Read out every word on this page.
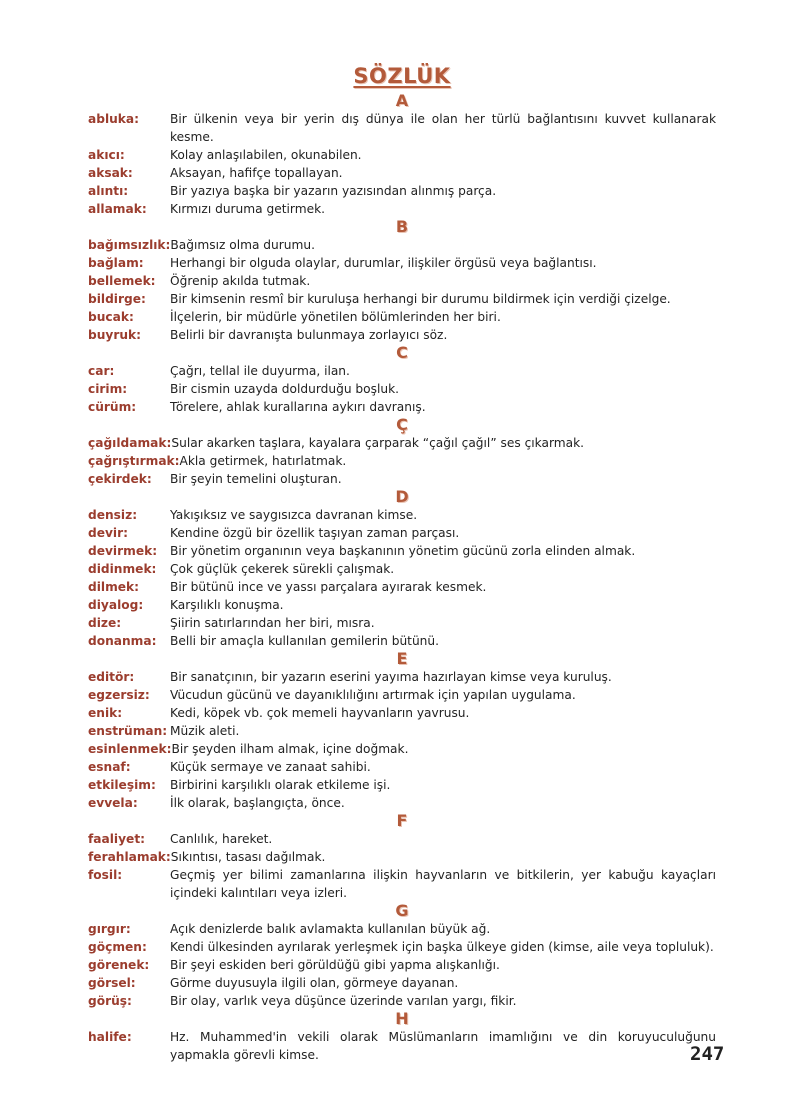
SÖZLÜK
A
abluka:	Bir ülkenin veya bir yerin dış dünya ile olan her türlü bağlantısını kuvvet kullanarak kesme.
akıcı:	Kolay anlaşılabilen, okunabilen.
aksak:	Aksayan, hafifçe topallayan.
alıntı:	Bir yazıya başka bir yazarın yazısından alınmış parça.
allamak:	Kırmızı duruma getirmek.
B
bağımsızlık: Bağımsız olma durumu.
bağlam:	Herhangi bir olguda olaylar, durumlar, ilişkiler örgüsü veya bağlantısı.
bellemek:	Öğrenip akılda tutmak.
bildirge:	Bir kimsenin resmî bir kuruluşa herhangi bir durumu bildirmek için verdiği çizelge.
bucak:	İlçelerin, bir müdürle yönetilen bölümlerinden her biri.
buyruk:	Belirli bir davranışta bulunmaya zorlayıcı söz.
C
car:	Çağrı, tellal ile duyurma, ilan.
cirim:	Bir cismin uzayda doldurduğu boşluk.
cürüm:	Törelere, ahlak kurallarına aykırı davranış.
Ç
çağıldamak: Sular akarken taşlara, kayalara çarparak “çağıl çağıl” ses çıkarmak.
çağrıştırmak: Akla getirmek, hatırlatmak.
çekirdek:	Bir şeyin temelini oluşturan.
D
densiz:	Yakışıksız ve saygısızca davranan kimse.
devir:	Kendine özgü bir özellik taşıyan zaman parçası.
devirmek:	Bir yönetim organının veya başkanının yönetim gücünü zorla elinden almak.
didinmek:	Çok güçlük çekerek sürekli çalışmak.
dilmek:	Bir bütünü ince ve yassı parçalara ayırarak kesmek.
diyalog:	Karşılıklı konuşma.
dize:	Şiirin satırlarından her biri, mısra.
donanma:	Belli bir amaçla kullanılan gemilerin bütünü.
E
editör:	Bir sanatçının, bir yazarın eserini yayıma hazırlayan kimse veya kuruluş.
egzersiz:	Vücudun gücünü ve dayanıklılığını artırmak için yapılan uygulama.
enik:	Kedi, köpek vb. çok memeli hayvanların yavrusu.
enstrüman: Müzik aleti.
esinlenmek: Bir şeyden ilham almak, içine doğmak.
esnaf:	Küçük sermaye ve zanaat sahibi.
etkileşim:	Birbirini karşılıklı olarak etkileme işi.
evvela:	İlk olarak, başlangıçta, önce.
F
faaliyet:	Canlılık, hareket.
ferahlamak: Sıkıntısı, tasası dağılmak.
fosil:	Geçmiş yer bilimi zamanlarına ilişkin hayvanların ve bitkilerin, yer kabuğu kayaçları içindeki kalıntıları veya izleri.
G
gırgır:	Açık denizlerde balık avlamakta kullanılan büyük ağ.
göçmen:	Kendi ülkesinden ayrılarak yerleşmek için başka ülkeye giden (kimse, aile veya topluluk).
görenek:	Bir şeyi eskiden beri görüldüğü gibi yapma alışkanlığı.
görsel:	Görme duyusuyla ilgili olan, görmeye dayanan.
görüş:	Bir olay, varlık veya düşünce üzerinde varılan yargı, fikir.
H
halife:	Hz. Muhammed'in vekili olarak Müslümanların imamlığını ve din koruyuculuğunu yapmakla görevli kimse.	247
